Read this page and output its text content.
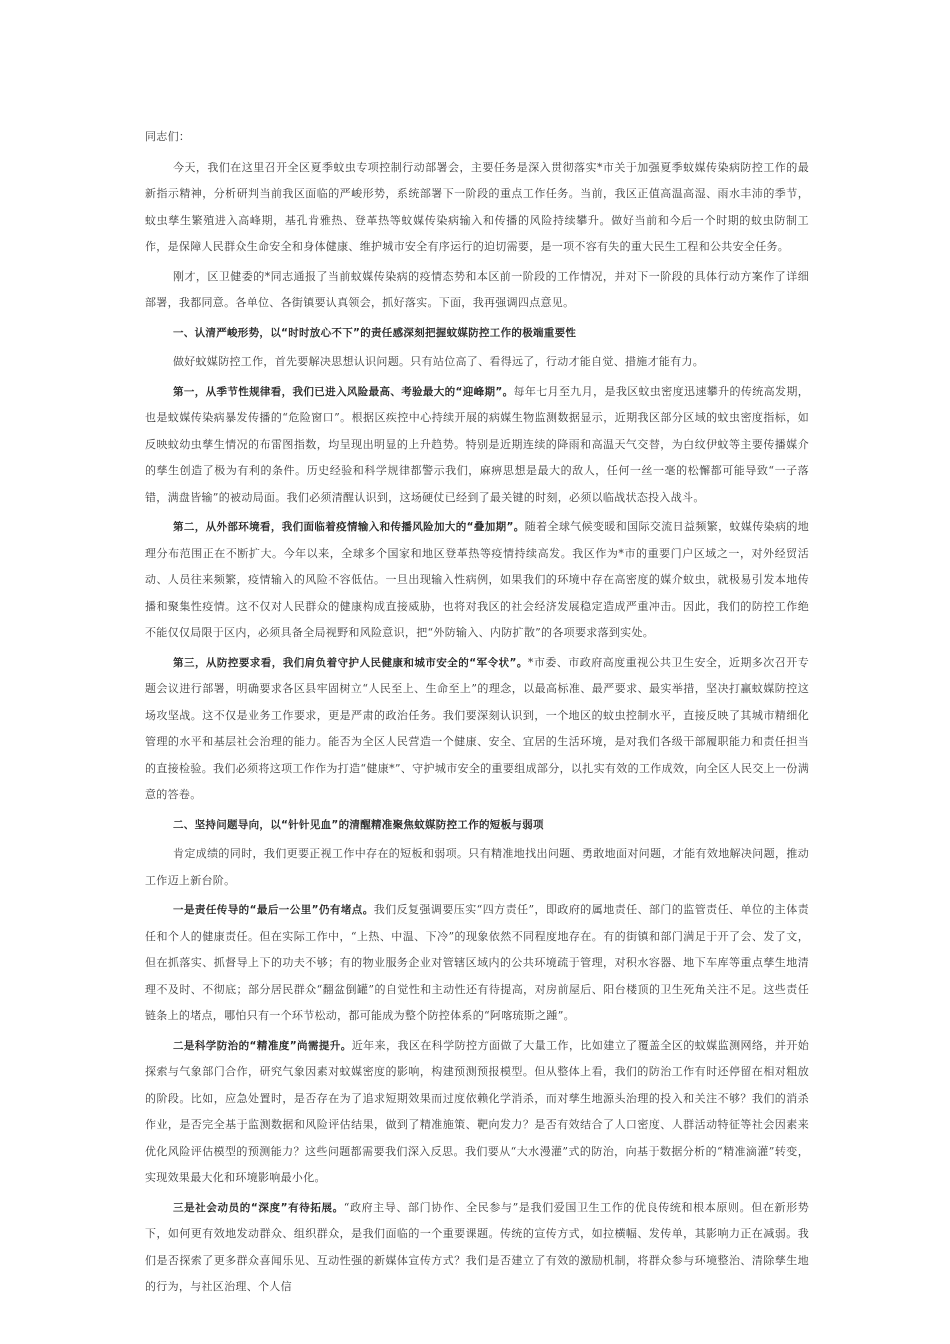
同志们：

今天，我们在这里召开全区夏季蚊虫专项控制行动部署会，主要任务是深入贯彻落实*市关于加强夏季蚊媒传染病防控工作的最新指示精神，分析研判当前我区面临的严峻形势，系统部署下一阶段的重点工作任务。当前，我区正值高温高湿、雨水丰沛的季节，蚊虫孳生繁殖进入高峰期，基孔肯雅热、登革热等蚊媒传染病输入和传播的风险持续攀升。做好当前和今后一个时期的蚊虫防制工作，是保障人民群众生命安全和身体健康、维护城市安全有序运行的迫切需要，是一项不容有失的重大民生工程和公共安全任务。

刚才，区卫健委的*同志通报了当前蚊媒传染病的疫情态势和本区前一阶段的工作情况，并对下一阶段的具体行动方案作了详细部署，我都同意。各单位、各街镇要认真领会，抓好落实。下面，我再强调四点意见。

一、认清严峻形势，以“时时放心不下”的责任感深刻把握蚊媒防控工作的极端重要性

做好蚊媒防控工作，首先要解决思想认识问题。只有站位高了、看得远了，行动才能自觉、措施才能有力。

第一，从季节性规律看，我们已进入风险最高、考验最大的“迎峰期”。每年七月至九月，是我区蚊虫密度迅速攀升的传统高发期，也是蚊媒传染病暴发传播的“危险窗口”。根据区疾控中心持续开展的病媒生物监测数据显示，近期我区部分区域的蚊虫密度指标，如反映蚊幼虫孳生情况的布雷图指数，均呈现出明显的上升趋势。特别是近期连续的降雨和高温天气交替，为白纹伊蚊等主要传播媒介的孳生创造了极为有利的条件。历史经验和科学规律都警示我们，麻痹思想是最大的敌人，任何一丝一毫的松懈都可能导致“一子落错，满盘皆输”的被动局面。我们必须清醒认识到，这场硬仗已经到了最关键的时刻，必须以临战状态投入战斗。

第二，从外部环境看，我们面临着疫情输入和传播风险加大的“叠加期”。随着全球气候变暖和国际交流日益频繁，蚊媒传染病的地理分布范围正在不断扩大。今年以来，全球多个国家和地区登革热等疫情持续高发。我区作为*市的重要门户区域之一，对外经贸活动、人员往来频繁，疫情输入的风险不容低估。一旦出现输入性病例，如果我们的环境中存在高密度的媒介蚊虫，就极易引发本地传播和聚集性疫情。这不仅对人民群众的健康构成直接威胁，也将对我区的社会经济发展稳定造成严重冲击。因此，我们的防控工作绝不能仅仅局限于区内，必须具备全局视野和风险意识，把“外防输入、内防扩散”的各项要求落到实处。

第三，从防控要求看，我们肩负着守护人民健康和城市安全的“军令状”。*市委、市政府高度重视公共卫生安全，近期多次召开专题会议进行部署，明确要求各区县牢固树立“人民至上、生命至上”的理念，以最高标准、最严要求、最实举措，坚决打赢蚊媒防控这场攻坚战。这不仅是业务工作要求，更是严肃的政治任务。我们要深刻认识到，一个地区的蚊虫控制水平，直接反映了其城市精细化管理的水平和基层社会治理的能力。能否为全区人民营造一个健康、安全、宜居的生活环境，是对我们各级干部履职能力和责任担当的直接检验。我们必须将这项工作作为打造“健康*”、守护城市安全的重要组成部分，以扎实有效的工作成效，向全区人民交上一份满意的答卷。

二、坚持问题导向，以“针针见血”的清醒精准聚焦蚊媒防控工作的短板与弱项

肯定成绩的同时，我们更要正视工作中存在的短板和弱项。只有精准地找出问题、勇敢地面对问题，才能有效地解决问题，推动工作迈上新台阶。

一是责任传导的“最后一公里”仍有堵点。我们反复强调要压实“四方责任”，即政府的属地责任、部门的监管责任、单位的主体责任和个人的健康责任。但在实际工作中，“上热、中温、下冷”的现象依然不同程度地存在。有的街镇和部门满足于开了会、发了文，但在抓落实、抓督导上下的功夫不够；有的物业服务企业对管辖区域内的公共环境疏于管理，对积水容器、地下车库等重点孳生地清理不及时、不彻底；部分居民群众“翻盆倒罐”的自觉性和主动性还有待提高，对房前屋后、阳台楼顶的卫生死角关注不足。这些责任链条上的堵点，哪怕只有一个环节松动，都可能成为整个防控体系的“阿喀琉斯之踵”。

二是科学防治的“精准度”尚需提升。近年来，我区在科学防控方面做了大量工作，比如建立了覆盖全区的蚊媒监测网络，并开始探索与气象部门合作，研究气象因素对蚊媒密度的影响，构建预测预报模型。但从整体上看，我们的防治工作有时还停留在相对粗放的阶段。比如，应急处置时，是否存在为了追求短期效果而过度依赖化学消杀，而对孳生地源头治理的投入和关注不够？我们的消杀作业，是否完全基于监测数据和风险评估结果，做到了精准施策、靶向发力？是否有效结合了人口密度、人群活动特征等社会因素来优化风险评估模型的预测能力？这些问题都需要我们深入反思。我们要从“大水漫灌”式的防治，向基于数据分析的“精准滴灌”转变，实现效果最大化和环境影响最小化。

三是社会动员的“深度”有待拓展。“政府主导、部门协作、全民参与”是我们爱国卫生工作的优良传统和根本原则。但在新形势下，如何更有效地发动群众、组织群众，是我们面临的一个重要课题。传统的宣传方式，如拉横幅、发传单，其影响力正在减弱。我们是否探索了更多群众喜闻乐见、互动性强的新媒体宣传方式？我们是否建立了有效的激励机制，将群众参与环境整治、清除孳生地的行为，与社区治理、个人信
